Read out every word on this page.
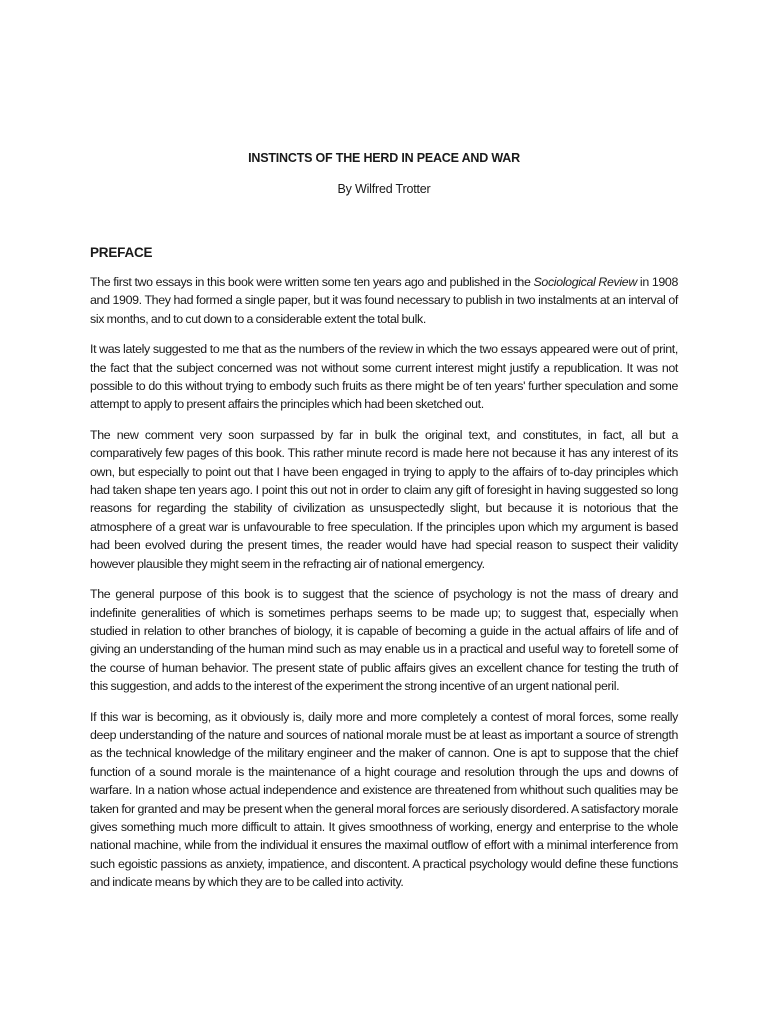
INSTINCTS OF THE HERD IN PEACE AND WAR
By Wilfred Trotter
PREFACE

The first two essays in this book were written some ten years ago and published in the Sociological Review in 1908 and 1909. They had formed a single paper, but it was found necessary to publish in two instalments at an interval of six months, and to cut down to a considerable extent the total bulk.

It was lately suggested to me that as the numbers of the review in which the two essays appeared were out of print, the fact that the subject concerned was not without some current interest might justify a republication. It was not possible to do this without trying to embody such fruits as there might be of ten years' further speculation and some attempt to apply to present affairs the principles which had been sketched out.

The new comment very soon surpassed by far in bulk the original text, and constitutes, in fact, all but a comparatively few pages of this book. This rather minute record is made here not because it has any interest of its own, but especially to point out that I have been engaged in trying to apply to the affairs of to-day principles which had taken shape ten years ago. I point this out not in order to claim any gift of foresight in having suggested so long reasons for regarding the stability of civilization as unsuspectedly slight, but because it is notorious that the atmosphere of a great war is unfavourable to free speculation. If the principles upon which my argument is based had been evolved during the present times, the reader would have had special reason to suspect their validity however plausible they might seem in the refracting air of national emergency.

The general purpose of this book is to suggest that the science of psychology is not the mass of dreary and indefinite generalities of which is sometimes perhaps seems to be made up; to suggest that, especially when studied in relation to other branches of biology, it is capable of becoming a guide in the actual affairs of life and of giving an understanding of the human mind such as may enable us in a practical and useful way to foretell some of the course of human behavior. The present state of public affairs gives an excellent chance for testing the truth of this suggestion, and adds to the interest of the experiment the strong incentive of an urgent national peril.

If this war is becoming, as it obviously is, daily more and more completely a contest of moral forces, some really deep understanding of the nature and sources of national morale must be at least as important a source of strength as the technical knowledge of the military engineer and the maker of cannon. One is apt to suppose that the chief function of a sound morale is the maintenance of a hight courage and resolution through the ups and downs of warfare. In a nation whose actual independence and existence are threatened from whithout such qualities may be taken for granted and may be present when the general moral forces are seriously disordered. A satisfactory morale gives something much more difficult to attain. It gives smoothness of working, energy and enterprise to the whole national machine, while from the individual it ensures the maximal outflow of effort with a minimal interference from such egoistic passions as anxiety, impatience, and discontent. A practical psychology would define these functions and indicate means by which they are to be called into activity.
